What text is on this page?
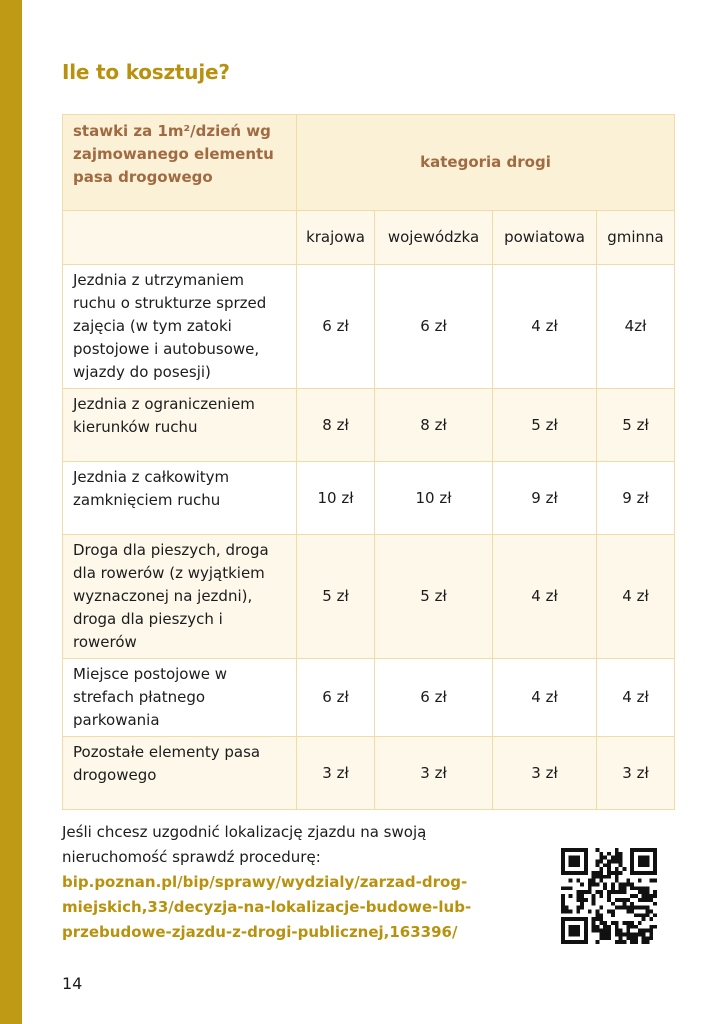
Ile to kosztuje?
stawki za 1m²/dzień wg zajmowanego elementu pasa drogowego	kategoria drogi			
	krajowa	wojewódzka	powiatowa	gminna
Jezdnia z utrzymaniem ruchu o strukturze sprzed zajęcia (w tym zatoki postojowe i autobusowe, wjazdy do posesji)	6 zł	6 zł	4 zł	4zł
Jezdnia z ograniczeniem kierunków ruchu	8 zł	8 zł	5 zł	5 zł
Jezdnia z całkowitym zamknięciem ruchu	10 zł	10 zł	9 zł	9 zł
Droga dla pieszych, droga dla rowerów (z wyjątkiem wyznaczonej na jezdni), droga dla pieszych i rowerów	5 zł	5 zł	4 zł	4 zł
Miejsce postojowe w strefach płatnego parkowania	6 zł	6 zł	4 zł	4 zł
Pozostałe elementy pasa drogowego	3 zł	3 zł	3 zł	3 zł

Jeśli chcesz uzgodnić lokalizację zjazdu na swoją nieruchomość sprawdź procedurę: bip.poznan.pl/bip/sprawy/wydzialy/zarzad-drog-miejskich,33/decyzja-na-lokalizacje-budowe-lub-przebudowe-zjazdu-z-drogi-publicznej,163396/

14
